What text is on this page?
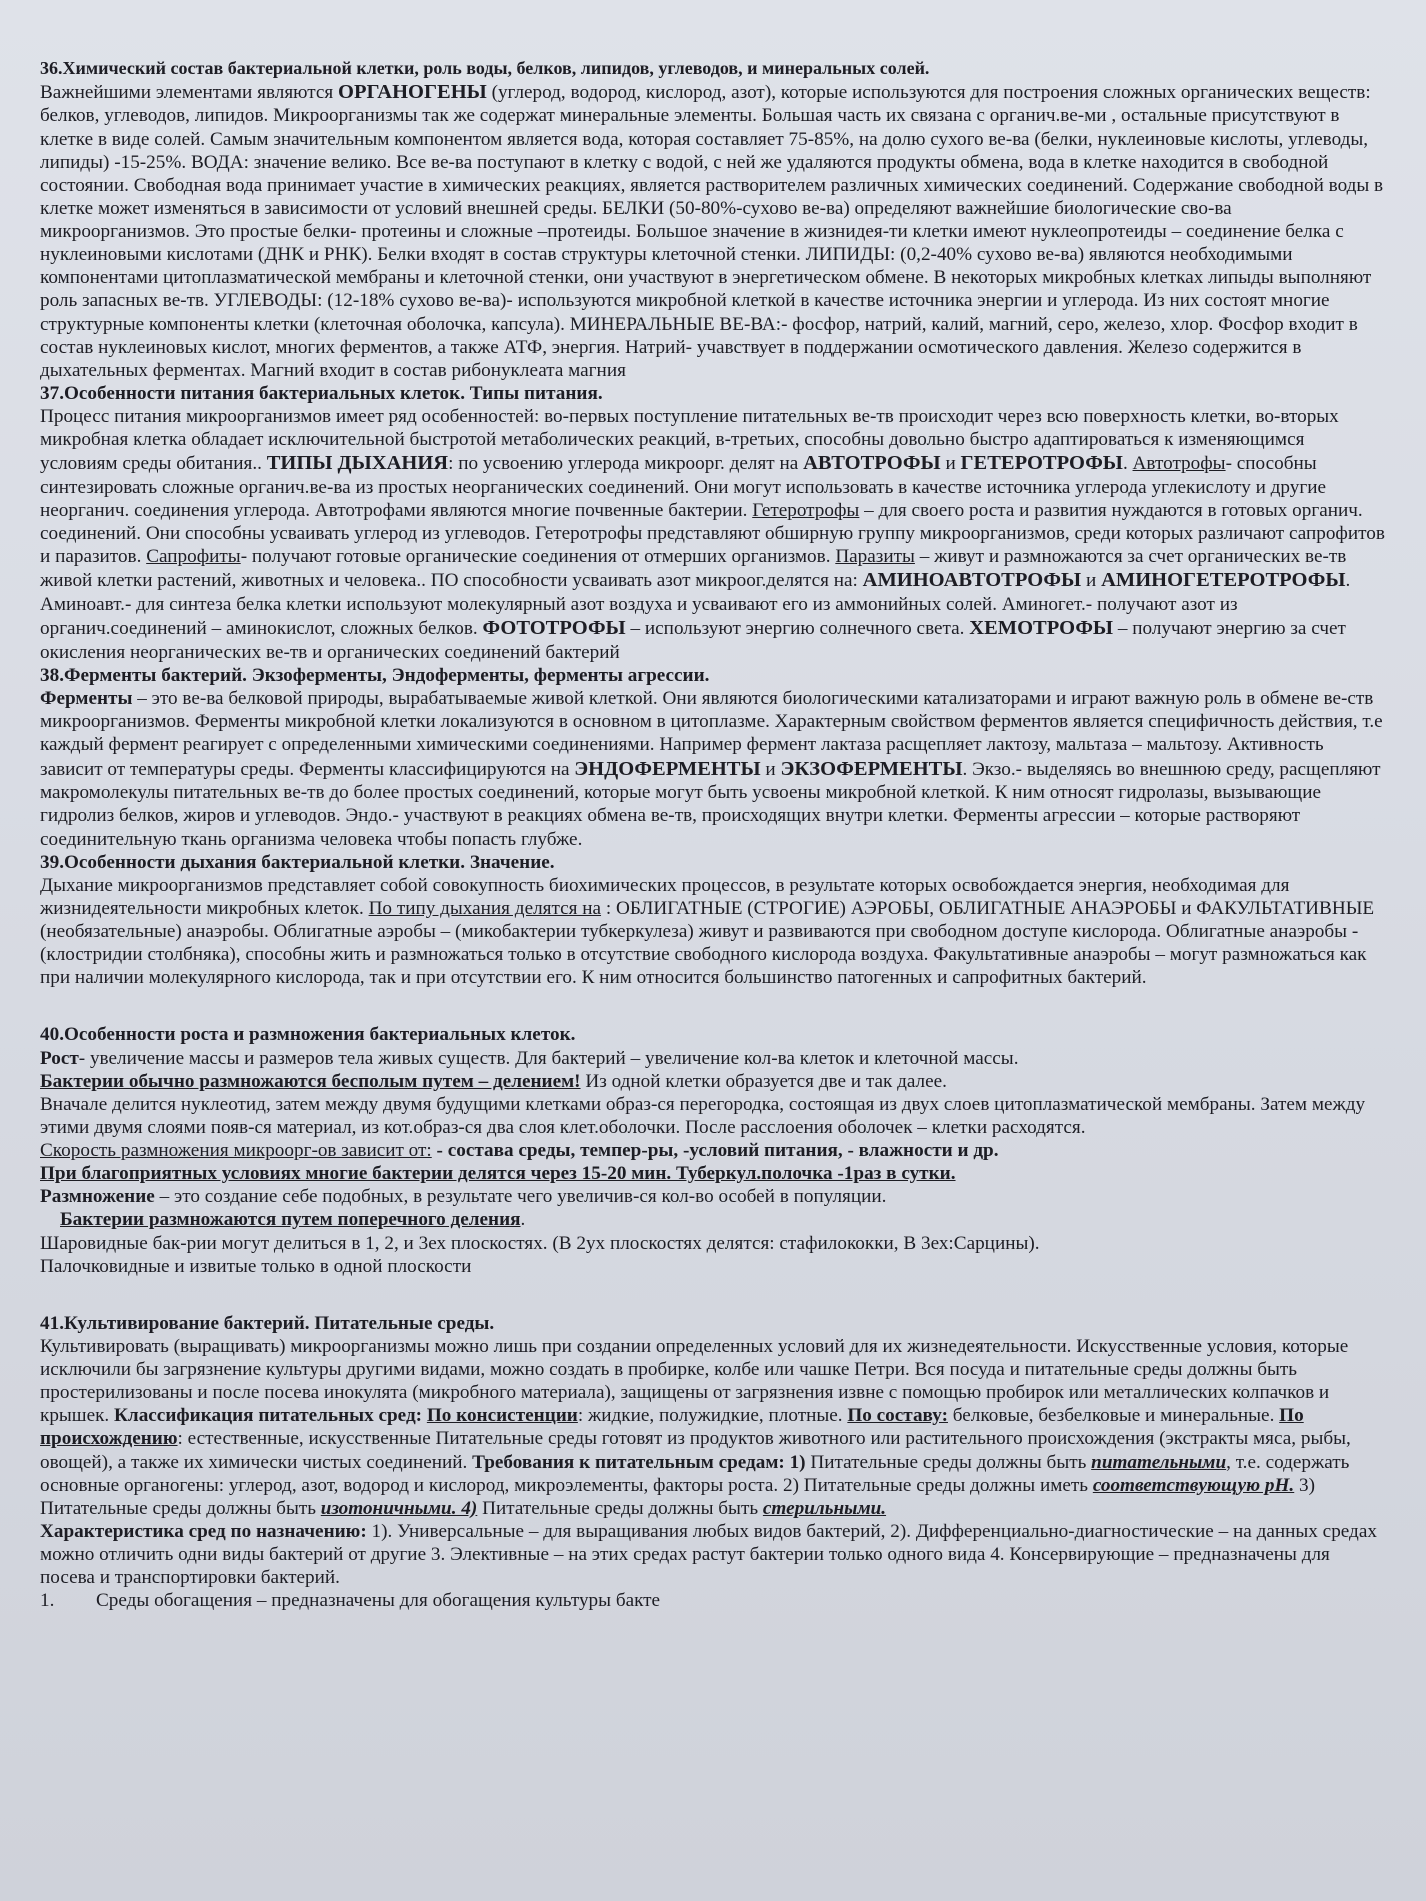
36.Химический состав бактериальной клетки, роль воды, белков, липидов, углеводов, и минеральных солей.
Важнейшими элементами являются ОРГАНОГЕНЫ (углерод, водород, кислород, азот), которые используются для построения сложных органических веществ: белков, углеводов, липидов. Микроорганизмы так же содержат минеральные элементы. Большая часть их связана с органич.ве-ми , остальные присутствуют в клетке в виде солей. Самым значительным компонентом является вода, которая составляет 75-85%, на долю сухого ве-ва (белки, нуклеиновые кислоты, углеводы, липиды) -15-25%. ВОДА: значение велико. Все ве-ва поступают в клетку с водой, с ней же удаляются продукты обмена, вода в клетке находится в свободной состоянии. Свободная вода принимает участие в химических реакциях, является растворителем различных химических соединений. Содержание свободной воды в клетке может изменяться в зависимости от условий внешней среды. БЕЛКИ (50-80%-сухово ве-ва) определяют важнейшие биологические сво-ва микроорганизмов. Это простые белки- протеины и сложные –протеиды. Большое значение в жизнидея-ти клетки имеют нуклеопротеиды – соединение белка с нуклеиновыми кислотами (ДНК и РНК). Белки входят в состав структуры клеточной стенки. ЛИПИДЫ: (0,2-40% сухово ве-ва) являются необходимыми компонентами цитоплазматической мембраны и клеточной стенки, они участвуют в энергетическом обмене. В некоторых микробных клетках липыды выполняют роль запасных ве-тв. УГЛЕВОДЫ: (12-18% сухово ве-ва)- используются микробной клеткой в качестве источника энергии и углерода. Из них состоят многие структурные компоненты клетки (клеточная оболочка, капсула). МИНЕРАЛЬНЫЕ ВЕ-ВА:- фосфор, натрий, калий, магний, серо, железо, хлор. Фосфор входит в состав нуклеиновых кислот, многих ферментов, а также АТФ, энергия. Натрий- учавствует в поддержании осмотического давления. Железо содержится в дыхательных ферментах. Магний входит в состав рибонуклеата магния
37.Особенности питания бактериальных клеток. Типы питания.
Процесс питания микроорганизмов имеет ряд особенностей: во-первых поступление питательных ве-тв происходит через всю поверхность клетки, во-вторых микробная клетка обладает исключительной быстротой метаболических реакций, в-третьих, способны довольно быстро адаптироваться к изменяющимся условиям среды обитания.. ТИПЫ ДЫХАНИЯ: по усвоению углерода микроорг. делят на АВТОТРОФЫ и ГЕТЕРОТРОФЫ. Автотрофы- способны синтезировать сложные органич.ве-ва из простых неорганических соединений. Они могут использовать в качестве источника углерода углекислоту и другие неорганич. соединения углерода. Автотрофами являются многие почвенные бактерии. Гетеротрофы – для своего роста и развития нуждаются в готовых органич. соединений. Они способны усваивать углерод из углеводов. Гетеротрофы представляют обширную группу микроорганизмов, среди которых различают сапрофитов и паразитов. Сапрофиты- получают готовые органические соединения от отмерших организмов. Паразиты – живут и размножаются за счет органических ве-тв живой клетки растений, животных и человека.. ПО способности усваивать азот микроог.делятся на: АМИНОАВТОТРОФЫ и АМИНОГЕТЕРОТРОФЫ. Аминоавт.- для синтеза белка клетки используют молекулярный азот воздуха и усваивают его из аммонийных солей. Аминогет.- получают азот из органич.соединений – аминокислот, сложных белков. ФОТОТРОФЫ – используют энергию солнечного света. ХЕМОТРОФЫ – получают энергию за счет окисления неорганических ве-тв и органических соединений бактерий
38.Ферменты бактерий. Экзоферменты, Эндоферменты, ферменты агрессии.
Ферменты – это ве-ва белковой природы, вырабатываемые живой клеткой. Они являются биологическими катализаторами и играют важную роль в обмене ве-ств микроорганизмов. Ферменты микробной клетки локализуются в основном в цитоплазме. Характерным свойством ферментов является специфичность действия, т.е каждый фермент реагирует с определенными химическими соединениями. Например фермент лактаза расщепляет лактозу, мальтаза – мальтозу. Активность зависит от температуры среды. Ферменты классифицируются на ЭНДОФЕРМЕНТЫ и ЭКЗОФЕРМЕНТЫ. Экзо.- выделяясь во внешнюю среду, расщепляют макромолекулы питательных ве-тв до более простых соединений, которые могут быть усвоены микробной клеткой. К ним относят гидролазы, вызывающие гидролиз белков, жиров и углеводов. Эндо.- участвуют в реакциях обмена ве-тв, происходящих внутри клетки. Ферменты агрессии – которые растворяют соединительную ткань организма человека чтобы попасть глубже.
39.Особенности дыхания бактериальной клетки. Значение.
Дыхание микроорганизмов представляет собой совокупность биохимических процессов, в результате которых освобождается энергия, необходимая для жизнидеятельности микробных клеток. По типу дыхания делятся на : ОБЛИГАТНЫЕ (СТРОГИЕ) АЭРОБЫ, ОБЛИГАТНЫЕ АНАЭРОБЫ и ФАКУЛЬТАТИВНЫЕ (необязательные) анаэробы. Облигатные аэробы – (микобактерии тубкеркулеза) живут и развиваются при свободном доступе кислорода. Облигатные анаэробы - (клостридии столбняка), способны жить и размножаться только в отсутствие свободного кислорода воздуха. Факультативные анаэробы – могут размножаться как при наличии молекулярного кислорода, так и при отсутствии его. К ним относится большинство патогенных и сапрофитных бактерий.
40.Особенности роста и размножения бактериальных клеток.
Рост- увеличение массы и размеров тела живых существ. Для бактерий – увеличение кол-ва клеток и клеточной массы.
Бактерии обычно размножаются бесполым путем – делением! Из одной клетки образуется две и так далее.
Вначале делится нуклеотид, затем между двумя будущими клетками образ-ся перегородка, состоящая из двух слоев цитоплазматической мембраны. Затем между этими двумя слоями появ-ся материал, из кот.образ-ся два слоя клет.оболочки. После расслоения оболочек – клетки расходятся.
Скорость размножения микроорг-ов зависит от: - состава среды, темпер-ры, -условий питания, - влажности и др.
При благоприятных условиях многие бактерии делятся через 15-20 мин. Туберкул.полочка -1раз в сутки.
Размножение – это создание себе подобных, в результате чего увеличив-ся кол-во особей в популяции.
Бактерии размножаются путем поперечного деления.
Шаровидные бак-рии могут делиться в 1, 2, и 3ех плоскостях. (В 2ух плоскостях делятся: стафилококки, В 3ех:Сарцины).
Палочковидные и извитые только в одной плоскости
41.Культивирование бактерий. Питательные среды.
Культивировать (выращивать) микроорганизмы можно лишь при создании определенных условий для их жизнедеятельности. Искусственные условия, которые исключили бы загрязнение культуры другими видами, можно создать в пробирке, колбе или чашке Петри. Вся посуда и питательные среды должны быть простерилизованы и после посева инокулята (микробного материала), защищены от загрязнения извне с помощью пробирок или металлических колпачков и крышек. Классификация питательных сред: По консистенции: жидкие, полужидкие, плотные. По составу: белковые, безбелковые и минеральные. По происхождению: естественные, искусственные Питательные среды готовят из продуктов животного или растительного происхождения (экстракты мяса, рыбы, овощей), а также их химически чистых соединений. Требования к питательным средам: 1) Питательные среды должны быть питательными, т.е. содержать основные органогены: углерод, азот, водород и кислород, микроэлементы, факторы роста. 2) Питательные среды должны иметь соответствующую pH. 3) Питательные среды должны быть изотоничными. 4) Питательные среды должны быть стерильными.
Характеристика сред по назначению: 1). Универсальные – для выращивания любых видов бактерий, 2). Дифференциально-диагностические – на данных средах можно отличить одни виды бактерий от другие 3. Элективные – на этих средах растут бактерии только одного вида 4. Консервирующие – предназначены для посева и транспортировки бактерий.
1. Среды обогащения – предназначены для обогащения культуры бакте
